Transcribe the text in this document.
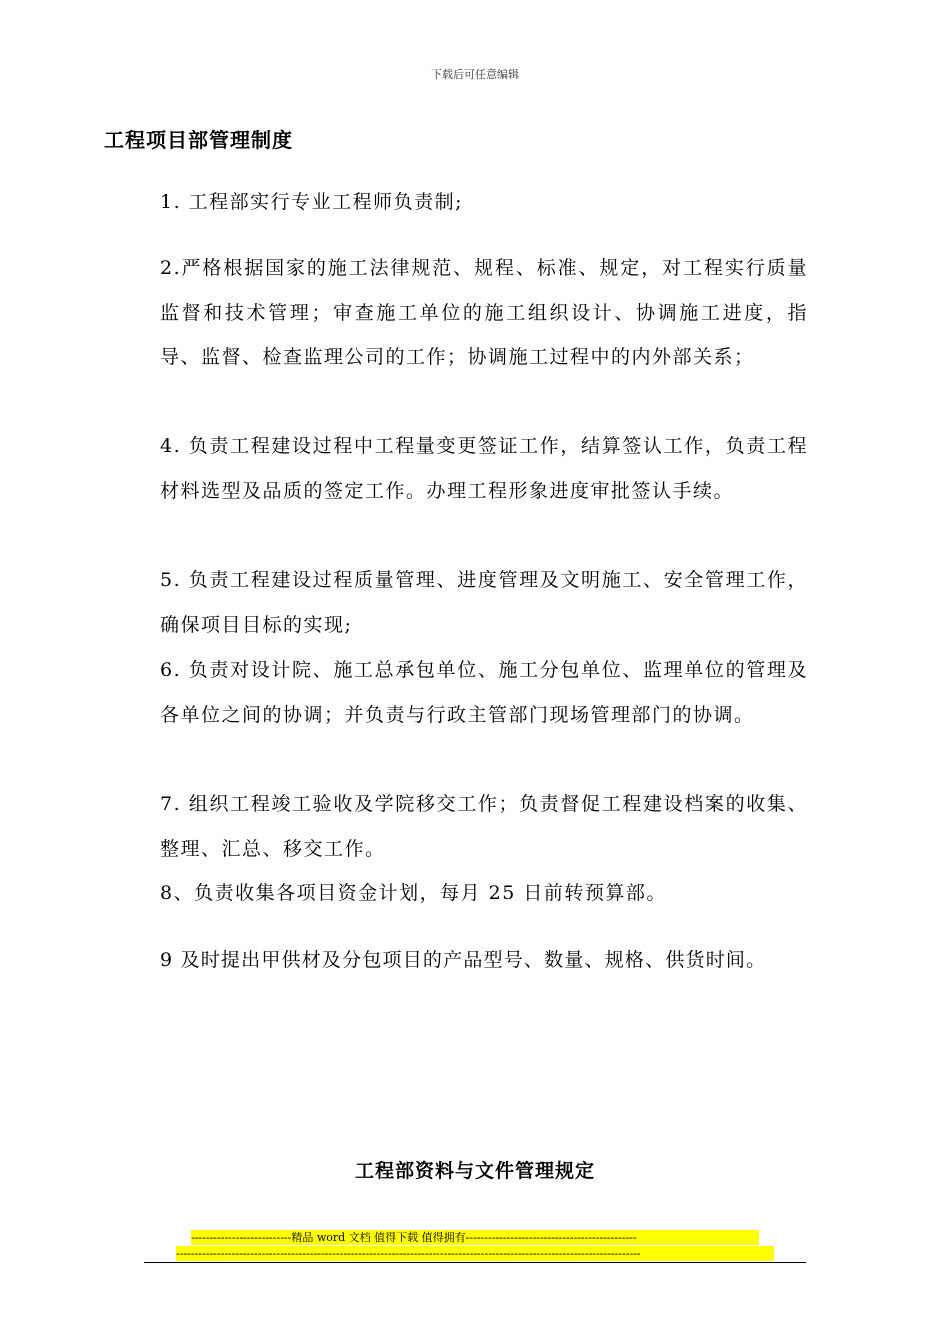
下载后可任意编辑
工程项目部管理制度
1. 工程部实行专业工程师负责制;
2.严格根据国家的施工法律规范、规程、标准、规定，对工程实行质量监督和技术管理；审查施工单位的施工组织设计、协调施工进度，指导、监督、检查监理公司的工作；协调施工过程中的内外部关系；
4. 负责工程建设过程中工程量变更签证工作，结算签认工作，负责工程材料选型及品质的签定工作。办理工程形象进度审批签认手续。
5. 负责工程建设过程质量管理、进度管理及文明施工、安全管理工作，确保项目目标的实现;
6. 负责对设计院、施工总承包单位、施工分包单位、监理单位的管理及各单位之间的协调；并负责与行政主管部门现场管理部门的协调。
7. 组织工程竣工验收及学院移交工作；负责督促工程建设档案的收集、整理、汇总、移交工作。
8、负责收集各项目资金计划，每月 25 日前转预算部。
9 及时提出甲供材及分包项目的产品型号、数量、规格、供货时间。
工程部资料与文件管理规定
---------------------------精品 word 文档 值得下载 值得拥有----------------------------------------------
-----------------------------------------------------------------------------------------------------------------------------
